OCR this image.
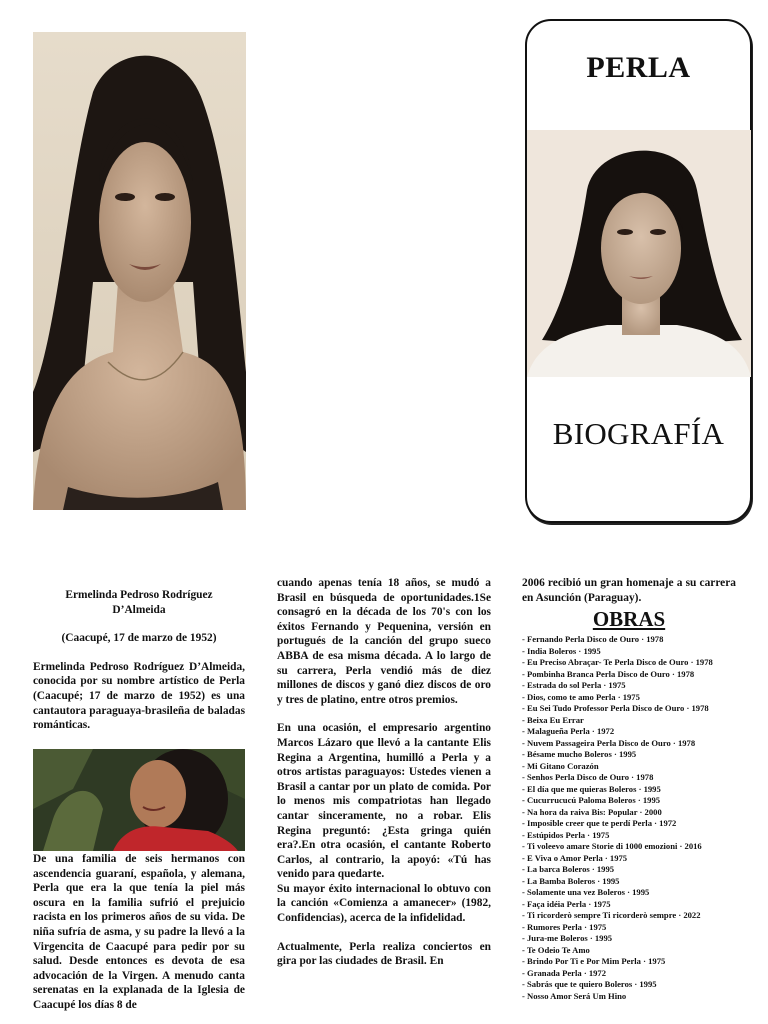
PERLA
BIOGRAFÍA
Ermelinda Pedroso Rodríguez
D’Almeida
(Caacupé, 17 de marzo de 1952)
Ermelinda Pedroso Rodríguez D’Almeida, conocida por su nombre artístico de Perla (Caacupé; 17 de marzo de 1952) es una cantautora paraguaya-brasileña de baladas románticas.
De una familia de seis hermanos con ascendencia guaraní, española, y alemana, Perla que era la que tenía la piel más oscura en la familia sufrió el prejuicio racista en los primeros años de su vida. De niña sufría de asma, y su padre la llevó a la Virgencita de Caacupé para pedir por su salud. Desde entonces es devota de esa advocación de la Virgen. A menudo canta serenatas en la explanada de la Iglesia de Caacupé los días 8 de
cuando apenas tenía 18 años, se mudó a Brasil en búsqueda de oportunidades.1Se consagró en la década de los 70's con los éxitos Fernando y Pequenina, versión en portugués de la canción del grupo sueco ABBA de esa misma década. A lo largo de su carrera, Perla vendió más de diez millones de discos y ganó diez discos de oro y tres de platino, entre otros premios.
En una ocasión, el empresario argentino Marcos Lázaro que llevó a la cantante Elis Regina a Argentina, humilló a Perla y a otros artistas paraguayos: Ustedes vienen a Brasil a cantar por un plato de comida. Por lo menos mis compatriotas han llegado cantar sinceramente, no a robar. Elis Regina preguntó: ¿Esta gringa quién era?.En otra ocasión, el cantante Roberto Carlos, al contrario, la apoyó: «Tú has venido para quedarte.
Su mayor éxito internacional lo obtuvo con la canción «Comienza a amanecer» (1982, Confidencias), acerca de la infidelidad.
Actualmente, Perla realiza conciertos en gira por las ciudades de Brasil. En
2006 recibió un gran homenaje a su carrera en Asunción (Paraguay).
OBRAS
- Fernando Perla Disco de Ouro · 1978
- India Boleros · 1995
- Eu Preciso Abraçar- Te Perla Disco de Ouro · 1978
- Pombinha Branca Perla Disco de Ouro · 1978
- Estrada do sol Perla · 1975
- Dios, como te amo Perla · 1975
- Eu Sei Tudo Professor Perla Disco de Ouro · 1978
- Beixa Eu Errar
- Malagueña Perla · 1972
- Nuvem Passageira Perla Disco de Ouro · 1978
- Bésame mucho Boleros · 1995
- Mi Gitano Corazón
- Senhos Perla Disco de Ouro · 1978
- El día que me quieras Boleros · 1995
- Cucurrucucú Paloma Boleros · 1995
- Na hora da raiva Bis: Popular · 2000
- Imposible creer que te perdí Perla · 1972
- Estúpidos Perla · 1975
- Ti voleevo amare Storie di 1000 emozioni · 2016
- E Viva o Amor Perla · 1975
- La barca Boleros · 1995
- La Bamba Boleros · 1995
- Solamente una vez Boleros · 1995
- Faça idéia Perla · 1975
- Ti ricorderò sempre Ti ricorderò sempre · 2022
- Rumores Perla · 1975
- Jura-me Boleros · 1995
- Te Odeio Te Amo
- Brindo Por Ti e Por Mim Perla · 1975
- Granada Perla · 1972
- Sabrás que te quiero Boleros · 1995
- Nosso Amor Será Um Hino
